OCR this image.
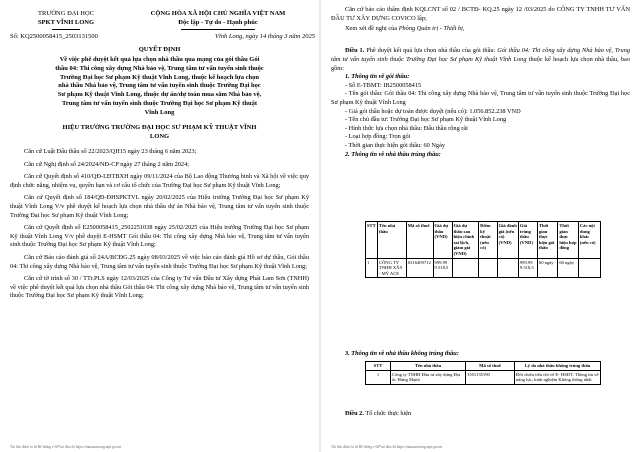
TRƯỜNG ĐẠI HỌC
SPKT VĨNH LONG
CỘNG HÒA XÃ HỘI CHỦ NGHĨA VIỆT NAM
Độc lập - Tự do - Hạnh phúc
Số: KQ2500058415_2503131500	Vĩnh Long, ngày 14 tháng 3 năm 2025
QUYẾT ĐỊNH
Về việc phê duyệt kết quả lựa chọn nhà thầu qua mạng của gói thầu Gói
thầu 04: Thi công xây dựng Nhà bảo vệ, Trung tâm tư vấn tuyển sinh thuộc
Trường Đại học Sư phạm Kỹ thuật Vĩnh Long, thuộc kế hoạch lựa chọn
nhà thầu Nhà bảo vệ, Trung tâm tư vấn tuyển sinh thuộc Trường Đại học
Sư phạm Kỹ thuật Vĩnh Long, thuộc dự án/dự toán mua sắm Nhà bảo vệ,
Trung tâm tư vấn tuyển sinh thuộc Trường Đại học Sư phạm Kỹ thuật
Vĩnh Long
HIỆU TRƯỞNG TRƯỜNG ĐẠI HỌC SƯ PHẠM KỸ THUẬT VĨNH
LONG
Căn cứ Luật Đấu thầu số 22/2023/QH15 ngày 23 tháng 6 năm 2023;
Căn cứ Nghị định số 24/2024/NĐ-CP ngày 27 tháng 2 năm 2024;
Căn cứ Quyết định số 410/QĐ-LĐTBXH ngày 09/11/2024 của Bộ Lao động Thương binh và Xã hội về việc quy định chức năng, nhiệm vụ, quyền hạn và cơ cấu tổ chức của Trường Đại học Sư phạm Kỹ thuật Vĩnh Long;
Căn cứ Quyết định số 184/QĐ-ĐHSPKTVL ngày 20/02/2025 của Hiệu trưởng Trường Đại học Sư phạm Kỹ thuật Vĩnh Long V/v phê duyệt kế hoạch lựa chọn nhà thầu dự án Nhà bảo vệ, Trung tâm tư vấn tuyển sinh thuộc Trường Đại học Sư phạm Kỹ thuật Vĩnh Long;
Căn cứ Quyết định số E2500058415_2502251038 ngày 25/02/2025 của Hiệu trưởng Trường Đại học Sư phạm Kỹ thuật Vĩnh Long V/v phê duyệt E-HSMT Gói thầu 04: Thi công xây dựng Nhà bảo vệ, Trung tâm tư vấn tuyển sinh thuộc Trường Đại học Sư phạm Kỹ thuật Vĩnh Long;
Căn cứ Báo cáo đánh giá số 24A/BCĐG.25 ngày 08/03/2025 về việc báo cáo đánh giá Hồ sơ dự thầu, Gói thầu 04: Thi công xây dựng Nhà bảo vệ, Trung tâm tư vấn tuyển sinh thuộc Trường Đại học Sư phạm Kỹ thuật Vĩnh Long;
Căn cứ tờ trình số 30 / TTr.PLS ngày 12/03/2025 của Công ty Tư vấn Đầu tư Xây dựng Phát Lam Sơn (TNHH) về việc phê duyệt kết quả lựa chọn nhà thầu Gói thầu 04: Thi công xây dựng Nhà bảo vệ, Trung tâm tư vấn tuyển sinh thuộc Trường Đại học Sư phạm Kỹ thuật Vĩnh Long;
Tài liệu được in từ Hệ thống e-GP tại địa chỉ https://muasamcong.mpi.gov.vn
Căn cứ báo cáo thẩm định KQLCNT số 02 / BCTĐ- KQ.25 ngày 12 /03/2025 do CÔNG TY TNHH TƯ VẤN ĐẦU TƯ XÂY DỰNG COVICO lập;
Xem xét đề nghị của Phòng Quản trị - Thiết bị,

Điều 1. Phê duyệt kết quả lựa chọn nhà thầu của gói thầu: Gói thầu 04: Thi công xây dựng Nhà bảo vệ, Trung tâm tư vấn tuyển sinh thuộc Trường Đại học Sư phạm Kỹ thuật Vĩnh Long thuộc kế hoạch lựa chọn nhà thầu, bao gồm:
1. Thông tin về gói thầu:
- Số E-TBMT: IB2500058415
- Tên gói thầu: Gói thầu 04: Thi công xây dựng Nhà bảo vệ, Trung tâm tư vấn tuyển sinh thuộc Trường Đại học Sư phạm Kỹ thuật Vĩnh Long
- Giá gói thầu hoặc dự toán được duyệt (nếu có): 1.056.852.238 VND
- Tên chủ đầu tư: Trường Đại học Sư phạm Kỹ thuật Vĩnh Long
- Hình thức lựa chọn nhà thầu: Đấu thầu rộng rãi
- Loại hợp đồng: Trọn gói
- Thời gian thực hiện gói thầu: 60 Ngày
2. Thông tin về nhà thầu trúng thầu:
STT	Tên nhà thầu	Mã số thuế	Giá dự thầu (VND)	Giá dự thầu sau hiệu chỉnh sai lệch, giảm giá (VND)	Điểm kỹ thuật (nếu có)	Giá đánh giá (nếu có) (VND)	Giá trúng thầu (VND)	Thời gian thực hiện gói thầu	Thời gian thực hiện hợp đồng	Các nội dung khác (nếu có)
1	CÔNG TY TNHH XÂY - MỸ ACE	0316409712	999.999.518,5				999.999.518,5	60 ngày	60 ngày	
3. Thông tin về nhà thầu không trúng thầu:
STT	Tên nhà thầu	Mã số thuế	Lý do nhà thầu không trúng thầu
1	Công ty TNHH Đầu tư xây dựng Địa ốc Hưng Mạnh	1501135190	Đối chiếu tiêu chí về E- HSDT: Thông tin về năng lực, kinh nghiệm Không thông nhất
Điều 2. Tổ chức thực hiện
Tài liệu được in từ Hệ thống e-GP tại địa chỉ https://muasamcong.mpi.gov.vn
